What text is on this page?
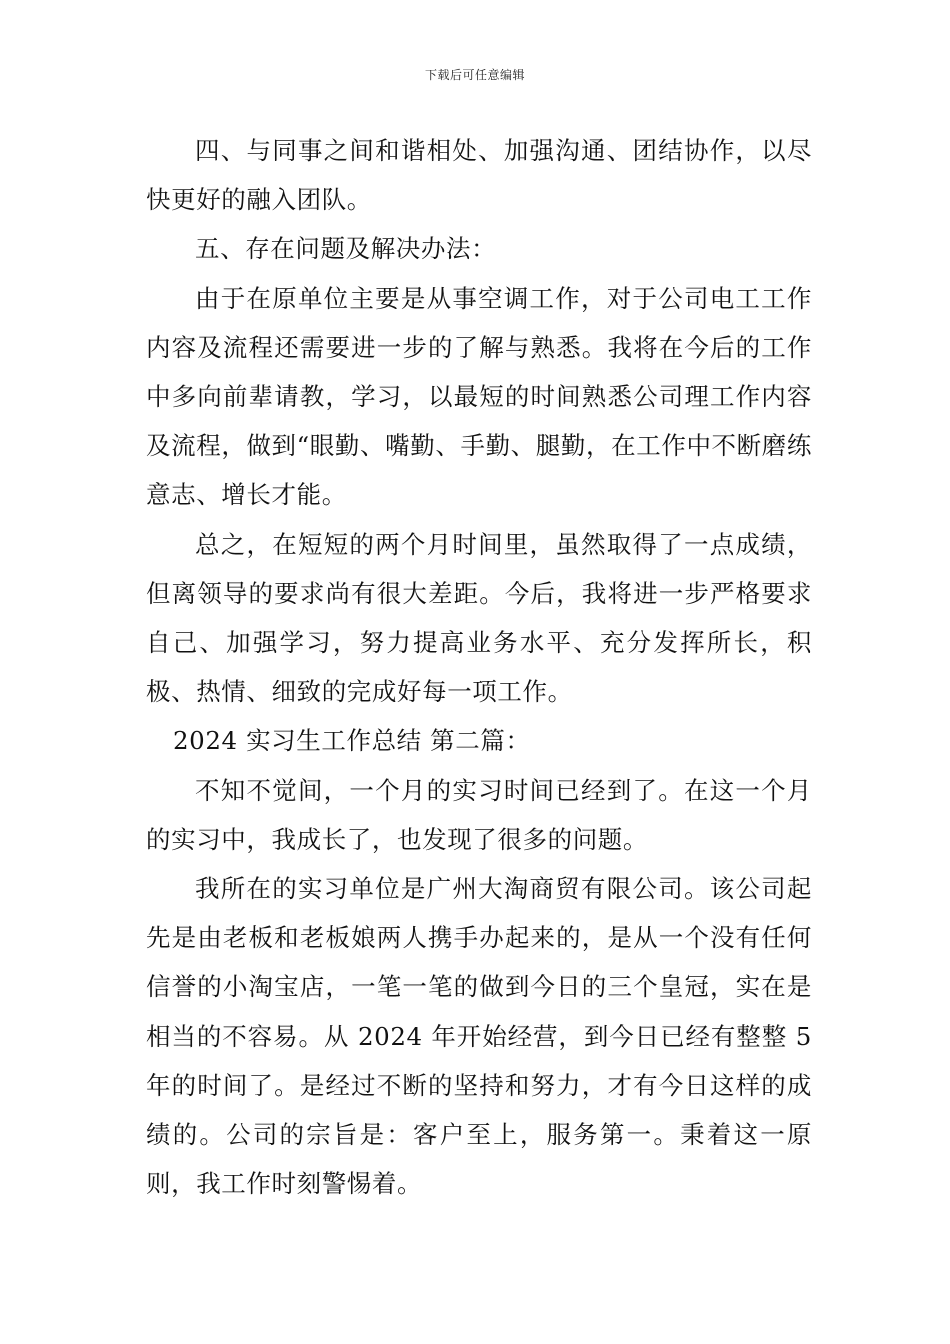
下载后可任意编辑

四、与同事之间和谐相处、加强沟通、团结协作，以尽快更好的融入团队。

五、存在问题及解决办法：

由于在原单位主要是从事空调工作，对于公司电工工作内容及流程还需要进一步的了解与熟悉。我将在今后的工作中多向前辈请教，学习，以最短的时间熟悉公司理工作内容及流程，做到“眼勤、嘴勤、手勤、腿勤，在工作中不断磨练意志、增长才能。

总之，在短短的两个月时间里，虽然取得了一点成绩，但离领导的要求尚有很大差距。今后，我将进一步严格要求自己、加强学习，努力提高业务水平、充分发挥所长，积极、热情、细致的完成好每一项工作。

2024 实习生工作总结 第二篇：

不知不觉间，一个月的实习时间已经到了。在这一个月的实习中，我成长了，也发现了很多的问题。

我所在的实习单位是广州大淘商贸有限公司。该公司起先是由老板和老板娘两人携手办起来的，是从一个没有任何信誉的小淘宝店，一笔一笔的做到今日的三个皇冠，实在是相当的不容易。从 2024 年开始经营，到今日已经有整整 5 年的时间了。是经过不断的坚持和努力，才有今日这样的成绩的。公司的宗旨是：客户至上，服务第一。秉着这一原则，我工作时刻警惕着。
